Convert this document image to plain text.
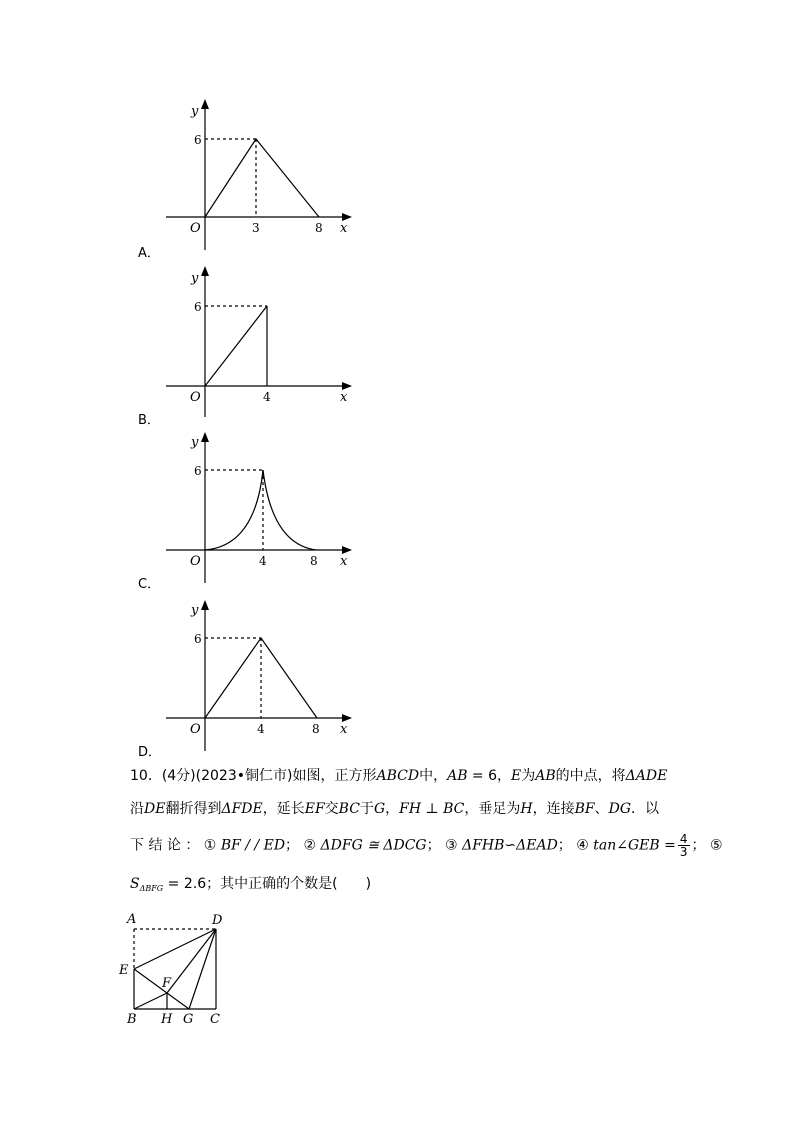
y
6
O	3	8 x
A．
y
6
O	4	x
B．
y
6
O	4	8 x
C．
y
6
O	4	8 x
D．
10．(4分)(2023•铜仁市)如图，正方形ABCD中，AB = 6，E为AB的中点，将ΔADE
沿DE翻折得到ΔFDE，延长EF交BC于G，FH ⊥ BC，垂足为H，连接BF、DG．以
下 结 论 ： ① BF / / ED； ② ΔDFG ≅ ΔDCG； ③ ΔFHB∽ΔEAD； ④ tan∠GEB = $\frac{4}{3}$ ； ⑤
$S_{\Delta BFG} = 2.6$；其中正确的个数是(　　)
A	D
E
F
B H G C
